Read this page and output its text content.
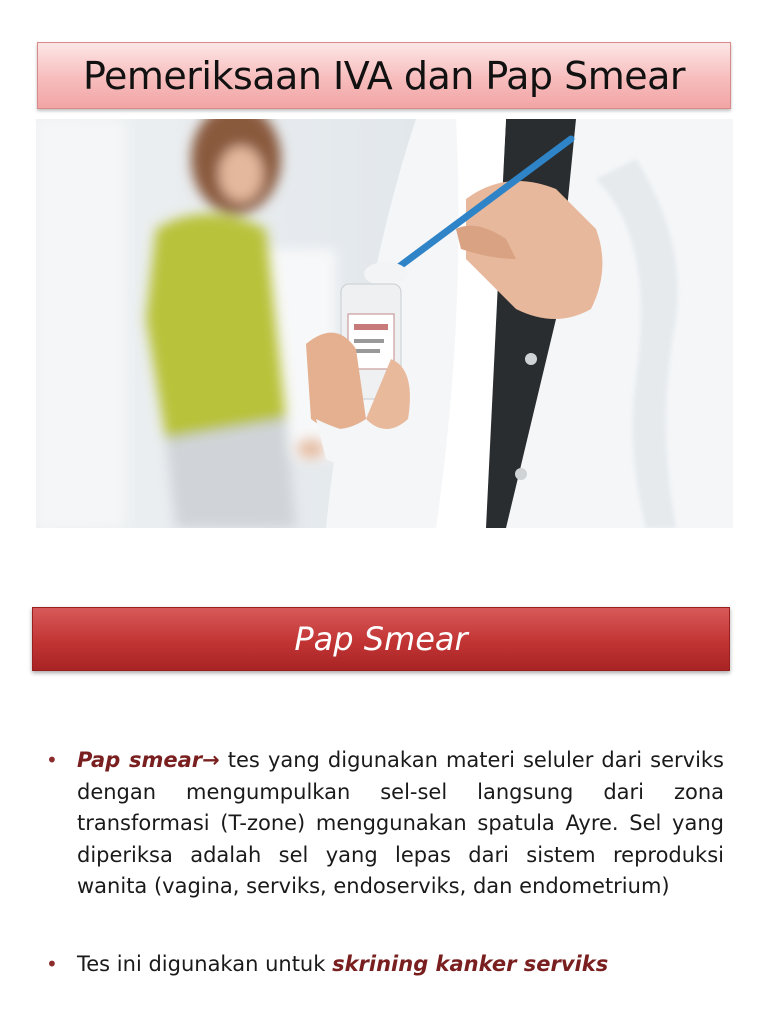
Pemeriksaan IVA dan Pap Smear
Pap Smear
• Pap smear→ tes yang digunakan materi seluler dari serviks dengan mengumpulkan sel-sel langsung dari zona transformasi (T-zone) menggunakan spatula Ayre. Sel yang diperiksa adalah sel yang lepas dari sistem reproduksi wanita (vagina, serviks, endoserviks, dan endometrium)
• Tes ini digunakan untuk skrining kanker serviks
